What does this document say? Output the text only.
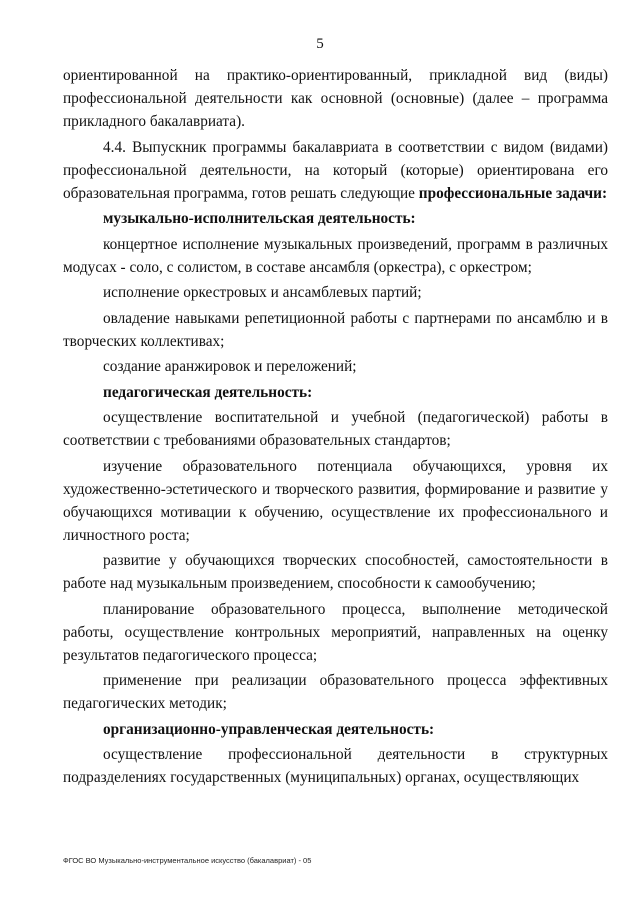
5

ориентированной на практико-ориентированный, прикладной вид (виды) профессиональной деятельности как основной (основные) (далее – программа прикладного бакалавриата).

4.4. Выпускник программы бакалавриата в соответствии с видом (видами) профессиональной деятельности, на который (которые) ориентирована его образовательная программа, готов решать следующие профессиональные задачи:

музыкально-исполнительская деятельность:

концертное исполнение музыкальных произведений, программ в различных модусах - соло, с солистом, в составе ансамбля (оркестра), с оркестром;

исполнение оркестровых и ансамблевых партий;

овладение навыками репетиционной работы с партнерами по ансамблю и в творческих коллективах;

создание аранжировок и переложений;

педагогическая деятельность:

осуществление воспитательной и учебной (педагогической) работы в соответствии с требованиями образовательных стандартов;

изучение образовательного потенциала обучающихся, уровня их художественно-эстетического и творческого развития, формирование и развитие у обучающихся мотивации к обучению, осуществление их профессионального и личностного роста;

развитие у обучающихся творческих способностей, самостоятельности в работе над музыкальным произведением, способности к самообучению;

планирование образовательного процесса, выполнение методической работы, осуществление контрольных мероприятий, направленных на оценку результатов педагогического процесса;

применение при реализации образовательного процесса эффективных педагогических методик;

организационно-управленческая деятельность:

осуществление профессиональной деятельности в структурных подразделениях государственных (муниципальных) органах, осуществляющих

ФГОС ВО Музыкально-инструментальное искусство (бакалавриат) - 05
